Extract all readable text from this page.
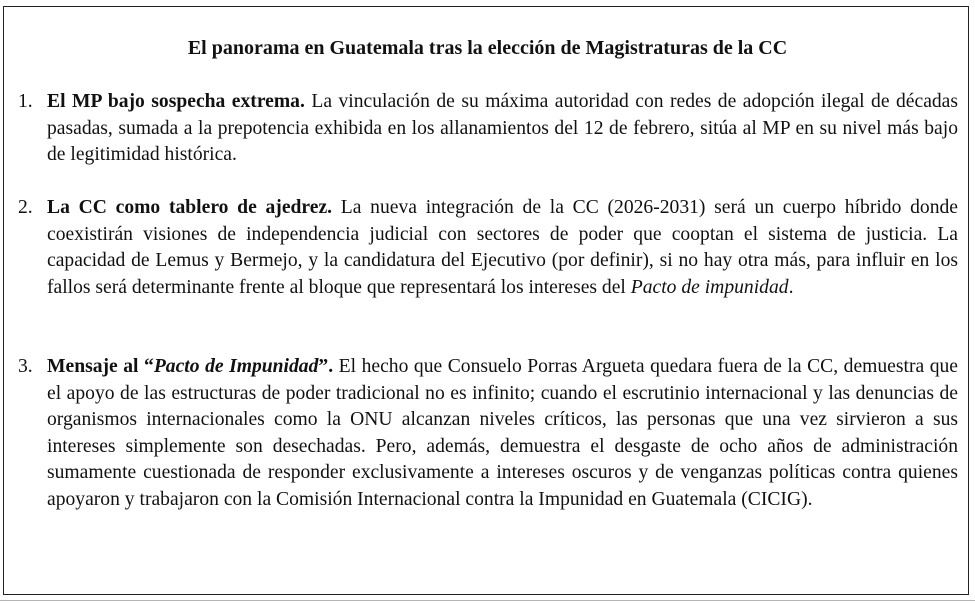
El panorama en Guatemala tras la elección de Magistraturas de la CC
1. El MP bajo sospecha extrema. La vinculación de su máxima autoridad con redes de adopción ilegal de décadas pasadas, sumada a la prepotencia exhibida en los allanamientos del 12 de febrero, sitúa al MP en su nivel más bajo de legitimidad histórica.
2. La CC como tablero de ajedrez. La nueva integración de la CC (2026-2031) será un cuerpo híbrido donde coexistirán visiones de independencia judicial con sectores de poder que cooptan el sistema de justicia. La capacidad de Lemus y Bermejo, y la candidatura del Ejecutivo (por definir), si no hay otra más, para influir en los fallos será determinante frente al bloque que representará los intereses del Pacto de impunidad.
3. Mensaje al “Pacto de Impunidad”. El hecho que Consuelo Porras Argueta quedara fuera de la CC, demuestra que el apoyo de las estructuras de poder tradicional no es infinito; cuando el escrutinio internacional y las denuncias de organismos internacionales como la ONU alcanzan niveles críticos, las personas que una vez sirvieron a sus intereses simplemente son desechadas. Pero, además, demuestra el desgaste de ocho años de administración sumamente cuestionada de responder exclusivamente a intereses oscuros y de venganzas políticas contra quienes apoyaron y trabajaron con la Comisión Internacional contra la Impunidad en Guatemala (CICIG).
